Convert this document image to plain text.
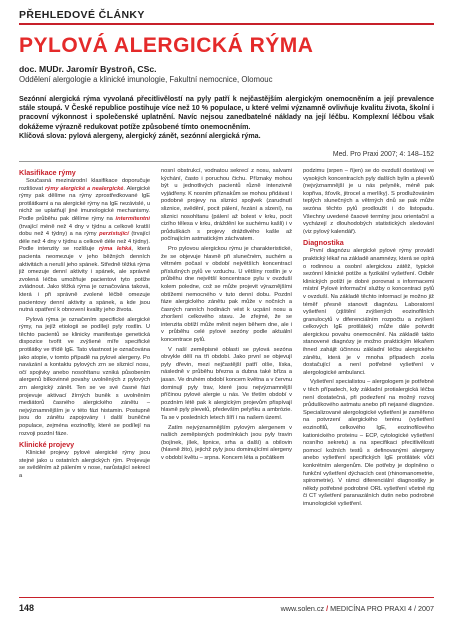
PŘEHLEDOVÉ ČLÁNKY
PYLOVÁ ALERGICKÁ RÝMA
doc. MUDr. Jaromír Bystroň, CSc.
Oddělení alergologie a klinické imunologie, Fakultní nemocnice, Olomouc
Sezónní alergická rýma vyvolaná přecitlivělostí na pyly patří k nejčastějším alergickým onemocněním a její prevalence stále stoupá. V České republice postihuje více než 10 % populace, u které velmi významně ovlivňuje kvalitu života, školní i pracovní výkonnost i společenské uplatnění. Navíc nejsou zanedbatelné náklady na její léčbu. Komplexní léčbou však dokážeme výrazně redukovat potíže způsobené tímto onemocněním.
Klíčová slova: pylová alergeny, alergický zánět, sezónní alergická rýma.
Med. Pro Praxi 2007; 4: 148–152
Klasifikace rýmy

Současná mezinárodní klasifikace doporučuje rozlišovat rýmy alergické a nealergické. Alergické rýmy pak dělíme na rýmy zprostředkované IgE protilátkami a na alergické rýmy na IgE nezávislé, u nichž se uplatňují jiné imunologické mechanismy. Podle průběhu pak dělíme rýmy na intermitentní (trvající méně než 4 dny v týdnu a celkově kratší dobu než 4 týdny) a na rýmy perzistující (trvající déle než 4 dny v týdnu a celkově déle než 4 týdny). Podle intenzity se rozlišuje rýma lehká, která pacienta neomezuje v jeho běžných denních aktivitách a neruší jeho spánek. Středně těžká rýma již omezuje denní aktivity i spánek, ale správně zvolená léčba umožňuje pacientovi tyto potíže zvládnout. Jako těžká rýma je označována taková, která i při správně zvolené léčbě omezuje pacientovy denní aktivity a spánek, a kde jsou nutná opatření k obnovení kvality jeho života.

Pylová rýma je označením specifické alergické rýmy, na jejíž etiologii se podílejí pyly rostlin. U těchto pacientů se klinicky manifestuje genetická dispozice tvořit ve zvýšené míře specifické protilátky ve třídě IgE. Tato vlastnost je označována jako atopie, v tomto případě na pylové alergeny. Po navázání a kontaktu pylových zrn se sliznicí nosu, očí spojivky anebo nosohltanu vzniká působením alergenů bílkovinné povahy uvolněných z pylových zrn alergický zánět. Ten se ve své časné fázi projevuje aktivací žírných buněk s uvolněním mediátorů časného alergického zánětu – nejvýznamnějším je v této fázi histamin. Postupně jsou do zánětu zapojovány i další buněčné populace, zejména eozinofily, které se podílejí na rozvoji pozdní fáze.

Klinické projevy

Klinické projevy pylové alergické rýmy jsou stejné jako u ostatních alergických rým. Projevuje se svěděním až pálením v nose, narůstající sekrecí a

nosní obstrukcí, vodnatou sekrecí z nosu, salvami kýchání, často i poruchou čichu. Příznaky mohou být u jednotlivých pacientů různě intenzivně vyjádřeny. K nosním příznakům se mohou přidávat i podobné projevy na sliznici spojivek (zarudnutí sliznice, svědění, pocit pálení, řezání a slzení), na sliznici nosohltanu (pálení až bolest v krku, pocit cizího tělesa v krku, dráždění ke suchému kašli) i v průduškách s projevy dráždivého kašle až počínajícím astmatickým záchvatem.

Pro pylovou alergickou rýmu je charakteristické, že se objevuje hlavně při slunečném, suchém a větrném počasí v období největších koncentrací příslušných pylů ve vzduchu. U většiny rostlin je v průběhu dne největší koncentrace pylu v ovzduší kolem poledne, což se může projevit výraznějšími obtížemi nemocného v tuto denní dobu. Pozdní fáze alergického zánětu pak může v nočních a časných ranních hodinách vést k ucpání nosu a zhoršení celkového stavu. Je zřejmé, že se intenzita obtíží může měnit nejen během dne, ale i v průběhu celé pylové sezóny podle aktuální koncentrace pylů.

V naší zeměpisné oblasti se pylová sezóna obvykle dělí na tři období. Jako první se objevují pyly dřevin, mezi nejčastější patří olše, líska, následně v průběhu března a dubna také bříza a jasan. Ve druhém období koncem května a v červnu dominují pyly trav, které jsou nejvýznamnější příčinou pylové alergie u nás. Ve třetím období v pozdním létě pak k alergickým projevům přispívají hlavně pyly plevelů, především pelyňku a ambrózie. Ta se v posledních letech šíří i na našem území.

Zatím nejvýznamnějším pylovým alergenem v našich zeměpisných podmínkách jsou pyly travin (bojínek, jílek, lipnice, srha a další) a obilovin (hlavně žito), jejichž pyly jsou dominujícími alergeny v období květu – srpna. Koncem léta a počátkem

podzimu (srpen – říjen) se do ovzduší dostávají ve vysokých koncentracích pyly dalších bylin a plevelů (nejvýznamnější je u nás pelyněk, méně pak kopřiva, šťovík, jitrocel a merlíky). S prodlužováním teplých slunečných a větrných dnů se pak může sezóna těchto pylů prodloužit i do listopadu. Všechny uvedené časové termíny jsou orientační a vycházejí z dlouhodobých statistických sledování (viz pylový kalendář).

Diagnostika

První diagnózu alergické pylové rýmy provádí praktický lékař na základě anamnézy, která se opírá o rodinnou a osobní alergickou zátěž, typické sezónní klinické potíže a fyzikální vyšetření. Odběr klinických potíží je dobré porovnat s informacemi místní Pylové informační služby o koncentraci pylů v ovzduší. Na základě těchto informací je možno již téměř přesně stanovit diagnózu. Laboratorní vyšetření (zjištění zvýšených eozinofilních granulocytů v diferenciálním rozpočtu a zvýšení celkových IgE protilátek) může dále potvrdit alergickou povahu onemocnění. Na základě takto stanovené diagnózy je možno praktickým lékařem ihned zahájit účinnou základní léčbu alergického zánětu, která je v mnoha případech zcela dostačující a není potřebné vyšetření v alergologické ambulanci.

Vyšetření specialistou – alergologem je potřebné v těch případech, kdy základní protialergická léčba není dostatečná, při podezření na možný rozvoj průduškového astmatu anebo při nejasné diagnóze. Specializované alergologické vyšetření je zaměřeno na potvrzení alergického terénu (vyšetření eozinofilů, celkového IgE, eozinofilového kationického proteinu – ECP, cytologické vyšetření nosního sekretu) a na specifikaci přecitlivělosti pomocí kožních testů s definovanými alergeny anebo vyšetření specifických IgE protilátek vůči konkrétním alergenům. Dle potřeby je doplněno o funkční vyšetření dýchacích cest (rhinomanometrie, spirometrie). V rámci diferenciální diagnostiky je někdy potřebné podrobné ORL vyšetření včetně rtg či CT vyšetření paranazálních dutin nebo podrobné imunologické vyšetření.

148	www.solen.cz / MEDICÍNA PRO PRAXI 4 / 2007
